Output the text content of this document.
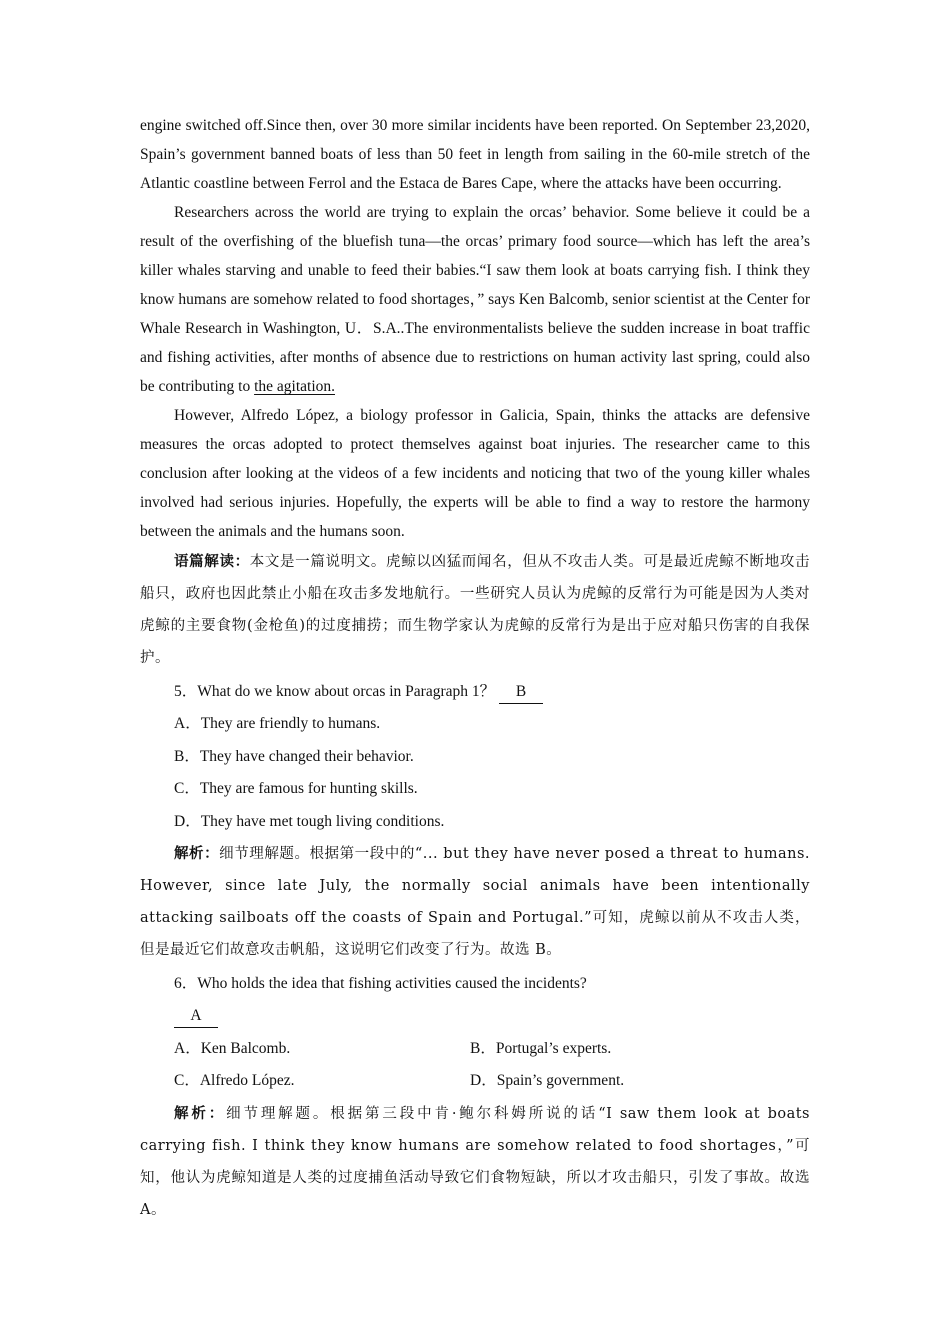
engine switched off.Since then, over 30 more similar incidents have been reported. On September 23,2020, Spain’s government banned boats of less than 50 feet in length from sailing in the 60-mile stretch of the Atlantic coastline between Ferrol and the Estaca de Bares Cape, where the attacks have been occurring.

Researchers across the world are trying to explain the orcas’ behavior. Some believe it could be a result of the overfishing of the bluefish tuna—the orcas’ primary food source—which has left the area’s killer whales starving and unable to feed their babies.“I saw them look at boats carrying fish. I think they know humans are somehow related to food shortages，” says Ken Balcomb, senior scientist at the Center for Whale Research in Washington, U．S.A..The environmentalists believe the sudden increase in boat traffic and fishing activities, after months of absence due to restrictions on human activity last spring, could also be contributing to the agitation.

However, Alfredo López, a biology professor in Galicia, Spain, thinks the attacks are defensive measures the orcas adopted to protect themselves against boat injuries. The researcher came to this conclusion after looking at the videos of a few incidents and noticing that two of the young killer whales involved had serious injuries. Hopefully, the experts will be able to find a way to restore the harmony between the animals and the humans soon.

语篇解读：本文是一篇说明文。虎鲸以凶猛而闻名，但从不攻击人类。可是最近虎鲸不断地攻击船只，政府也因此禁止小船在攻击多发地航行。一些研究人员认为虎鲸的反常行为可能是因为人类对虎鲸的主要食物(金枪鱼)的过度捕捞；而生物学家认为虎鲸的反常行为是出于应对船只伤害的自我保护。

5．What do we know about orcas in Paragraph 1？ B

A．They are friendly to humans.

B．They have changed their behavior.

C．They are famous for hunting skills.

D．They have met tough living conditions.

解析：细节理解题。根据第一段中的“... but they have never posed a threat to humans. However, since late July, the normally social animals have been intentionally attacking sailboats off the coasts of Spain and Portugal.”可知，虎鲸以前从不攻击人类，但是最近它们故意攻击帆船，这说明它们改变了行为。故选 B。

6．Who holds the idea that fishing activities caused the incidents?

A

A．Ken Balcomb.	B．Portugal’s experts.
C．Alfredo López.	D．Spain’s government.

解析：细节理解题。根据第三段中肯·鲍尔科姆所说的话“I saw them look at boats carrying fish. I think they know humans are somehow related to food shortages，”可知，他认为虎鲸知道是人类的过度捕鱼活动导致它们食物短缺，所以才攻击船只，引发了事故。故选 A。
